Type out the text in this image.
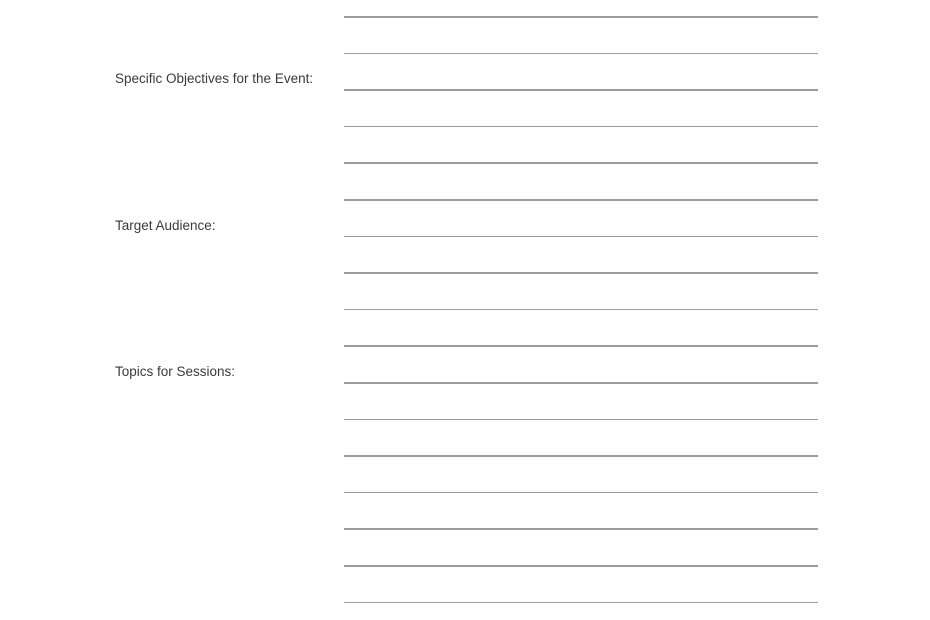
Specific Objectives for the Event:
Target Audience:
Topics for Sessions:
